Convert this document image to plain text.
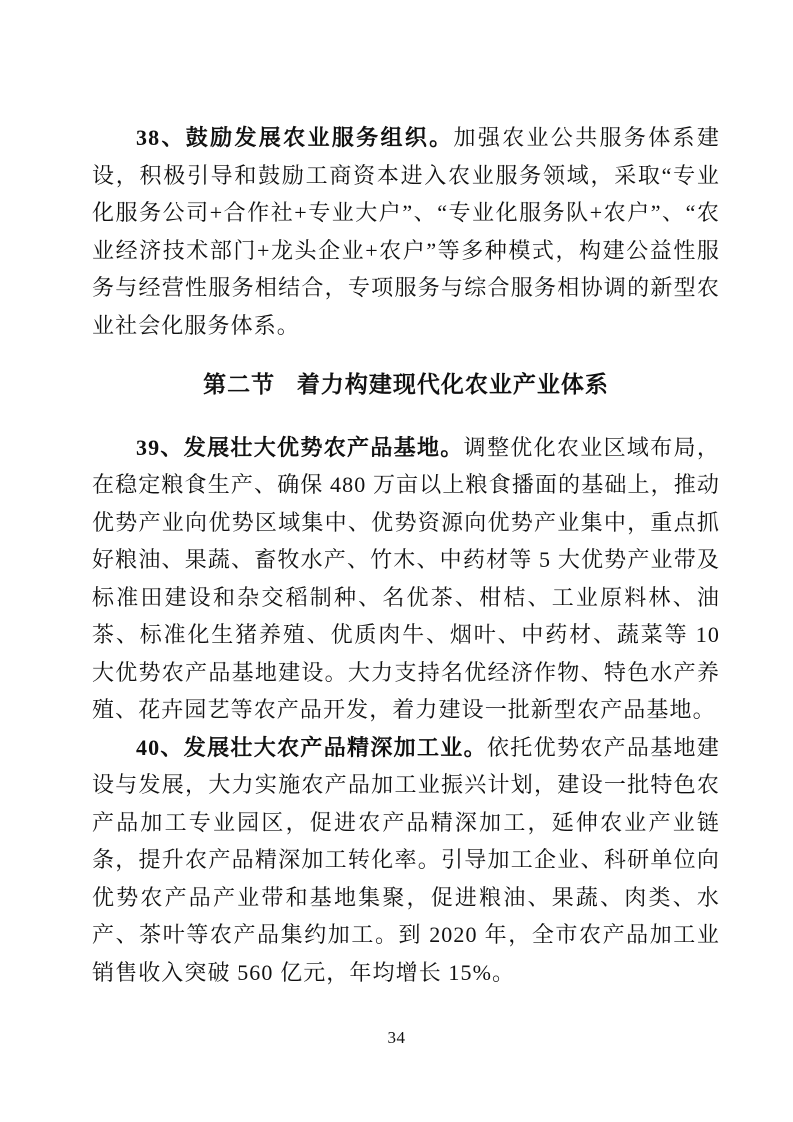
38、鼓励发展农业服务组织。加强农业公共服务体系建设，积极引导和鼓励工商资本进入农业服务领域，采取“专业化服务公司+合作社+专业大户”、“专业化服务队+农户”、“农业经济技术部门+龙头企业+农户”等多种模式，构建公益性服务与经营性服务相结合，专项服务与综合服务相协调的新型农业社会化服务体系。

第二节 着力构建现代化农业产业体系

39、发展壮大优势农产品基地。调整优化农业区域布局，在稳定粮食生产、确保 480 万亩以上粮食播面的基础上，推动优势产业向优势区域集中、优势资源向优势产业集中，重点抓好粮油、果蔬、畜牧水产、竹木、中药材等 5 大优势产业带及标准田建设和杂交稻制种、名优茶、柑桔、工业原料林、油茶、标准化生猪养殖、优质肉牛、烟叶、中药材、蔬菜等 10 大优势农产品基地建设。大力支持名优经济作物、特色水产养殖、花卉园艺等农产品开发，着力建设一批新型农产品基地。

40、发展壮大农产品精深加工业。依托优势农产品基地建设与发展，大力实施农产品加工业振兴计划，建设一批特色农产品加工专业园区，促进农产品精深加工，延伸农业产业链条，提升农产品精深加工转化率。引导加工企业、科研单位向优势农产品产业带和基地集聚，促进粮油、果蔬、肉类、水产、茶叶等农产品集约加工。到 2020 年，全市农产品加工业销售收入突破 560 亿元，年均增长 15%。

34
